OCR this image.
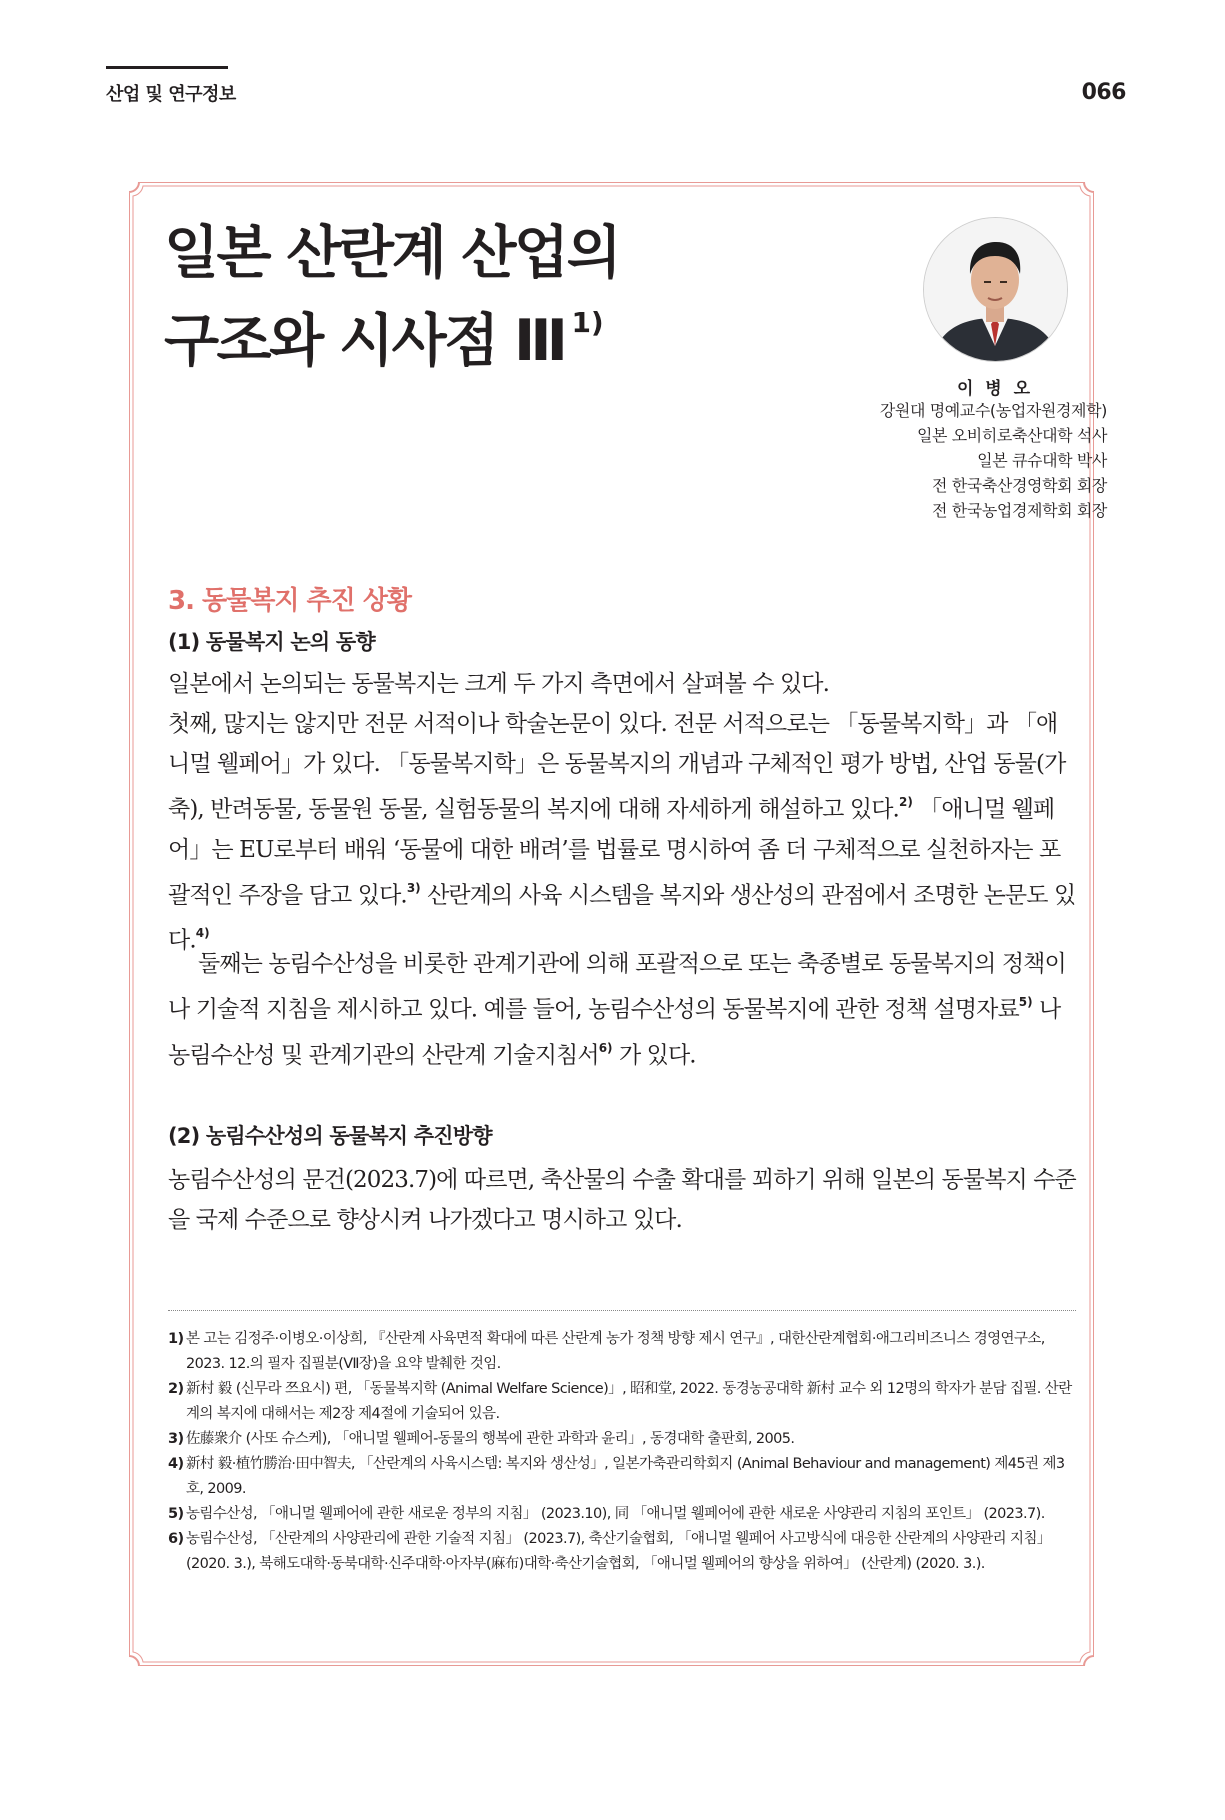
산업 및 연구정보	066
일본 산란계 산업의
구조와 시사점 Ⅲ $^{1)}$
이 병 오
강원대 명예교수(농업자원경제학)
일본 오비히로축산대학 석사
일본 큐슈대학 박사
전 한국축산경영학회 회장
전 한국농업경제학회 회장
3. 동물복지 추진 상황
(1) 동물복지 논의 동향

일본에서 논의되는 동물복지는 크게 두 가지 측면에서 살펴볼 수 있다.

첫째, 많지는 않지만 전문 서적이나 학술논문이 있다. 전문 서적으로는 「동물복지학」과 「애니멀 웰페어」가 있다. 「동물복지학」은 동물복지의 개념과 구체적인 평가 방법, 산업 동물(가축), 반려동물, 동물원 동물, 실험동물의 복지에 대해 자세하게 해설하고 있다.$^{2)}$ 「애니멀 웰페어」는 EU로부터 배워 ‘동물에 대한 배려’를 법률로 명시하여 좀 더 구체적으로 실천하자는 포괄적인 주장을 담고 있다.$^{3)}$ 산란계의 사육 시스템을 복지와 생산성의 관점에서 조명한 논문도 있다.$^{4)}$

둘째는 농림수산성을 비롯한 관계기관에 의해 포괄적으로 또는 축종별로 동물복지의 정책이나 기술적 지침을 제시하고 있다. 예를 들어, 농림수산성의 동물복지에 관한 정책 설명자료$^{5)}$ 나 농림수산성 및 관계기관의 산란계 기술지침서$^{6)}$ 가 있다.

(2) 농림수산성의 동물복지 추진방향

농림수산성의 문건(2023.7)에 따르면, 축산물의 수출 확대를 꾀하기 위해 일본의 동물복지 수준을 국제 수준으로 향상시켜 나가겠다고 명시하고 있다.

1) 본 고는 김정주·이병오·이상희, 『산란계 사육면적 확대에 따른 산란계 농가 정책 방향 제시 연구』, 대한산란계협회·애그리비즈니스 경영연구소, 2023. 12.의 필자 집필분(Ⅶ장)을 요약 발췌한 것임.
2) 新村 毅 (신무라 쯔요시) 편, 「동물복지학 (Animal Welfare Science)」, 昭和堂, 2022. 동경농공대학 新村 교수 외 12명의 학자가 분담 집필. 산란계의 복지에 대해서는 제2장 제4절에 기술되어 있음.
3) 佐藤衆介 (사또 슈스케), 「애니멀 웰페어-동물의 행복에 관한 과학과 윤리」, 동경대학 출판회, 2005.
4) 新村 毅·植竹勝治·田中智夫, 「산란계의 사육시스템: 복지와 생산성」, 일본가축관리학회지 (Animal Behaviour and management) 제45권 제3호, 2009.
5) 농림수산성, 「애니멀 웰페어에 관한 새로운 정부의 지침」 (2023.10), 同 「애니멀 웰페어에 관한 새로운 사양관리 지침의 포인트」 (2023.7).
6) 농림수산성, 「산란계의 사양관리에 관한 기술적 지침」 (2023.7), 축산기술협회, 「애니멀 웰페어 사고방식에 대응한 산란계의 사양관리 지침」 (2020. 3.), 북해도대학·동북대학·신주대학·아자부(麻布)대학·축산기술협회, 「애니멀 웰페어의 향상을 위하여」 (산란계) (2020. 3.).
